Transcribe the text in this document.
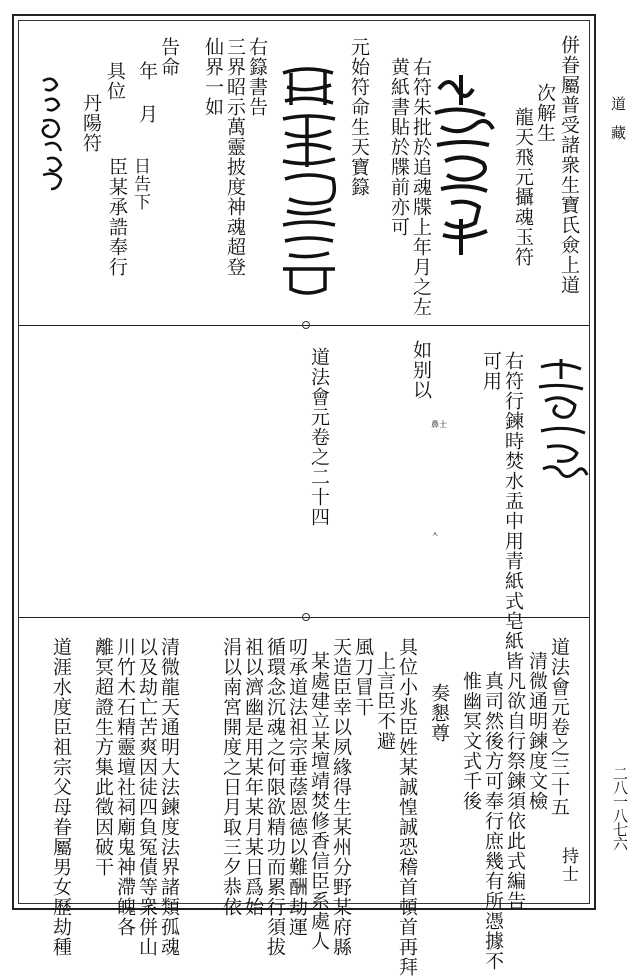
道藏
二八一八七六
併眷屬普受諸衆生寶氏僉上道
次解生
龍天飛元攝魂玉符
右符朱批於追魂牒上年月之左 如别以
黄紙書貼於牒前亦可
元始符命生天寶籙
右籙書告
三界昭示萬靈披度神魂超登
仙界一如
告命
年 月
日告下
具位
臣某承誥奉行
丹陽符
右符行鍊時焚水盂中用青紙式皂紙皆
可用
鼻士
ㅅ
道法會元卷之二十四
道法會元卷之三十五
持士
清微通明鍊度文檢
凡欲自行祭鍊須依此式編告
真司然後方可奉行庶幾有所憑據不
惟幽冥文式千後
奏懇尊
具位小兆臣姓某誠惶誠恐稽首頓首再拜
上言臣不避
風刀冒干
天造臣幸以夙緣得生某州分野某府縣
某處建立某壇靖焚修香信臣系處人
叨承道法祖宗垂蔭恩德以難酬劫運
循環念沉魂之何限欲精功而累行須拔
祖以濟幽是用某年某月某日爲始
涓以南宮開度之日月取三夕恭依
清微龍天通明大法鍊度法界諸類孤魂
以及劫亡苦爽因徒四負冤債等衆併山
川竹木石精靈壇社祠廟鬼神滯魄各
離冥超證生方集此徵因破干
道涯水度臣祖宗父母眷屬男女歷劫種
